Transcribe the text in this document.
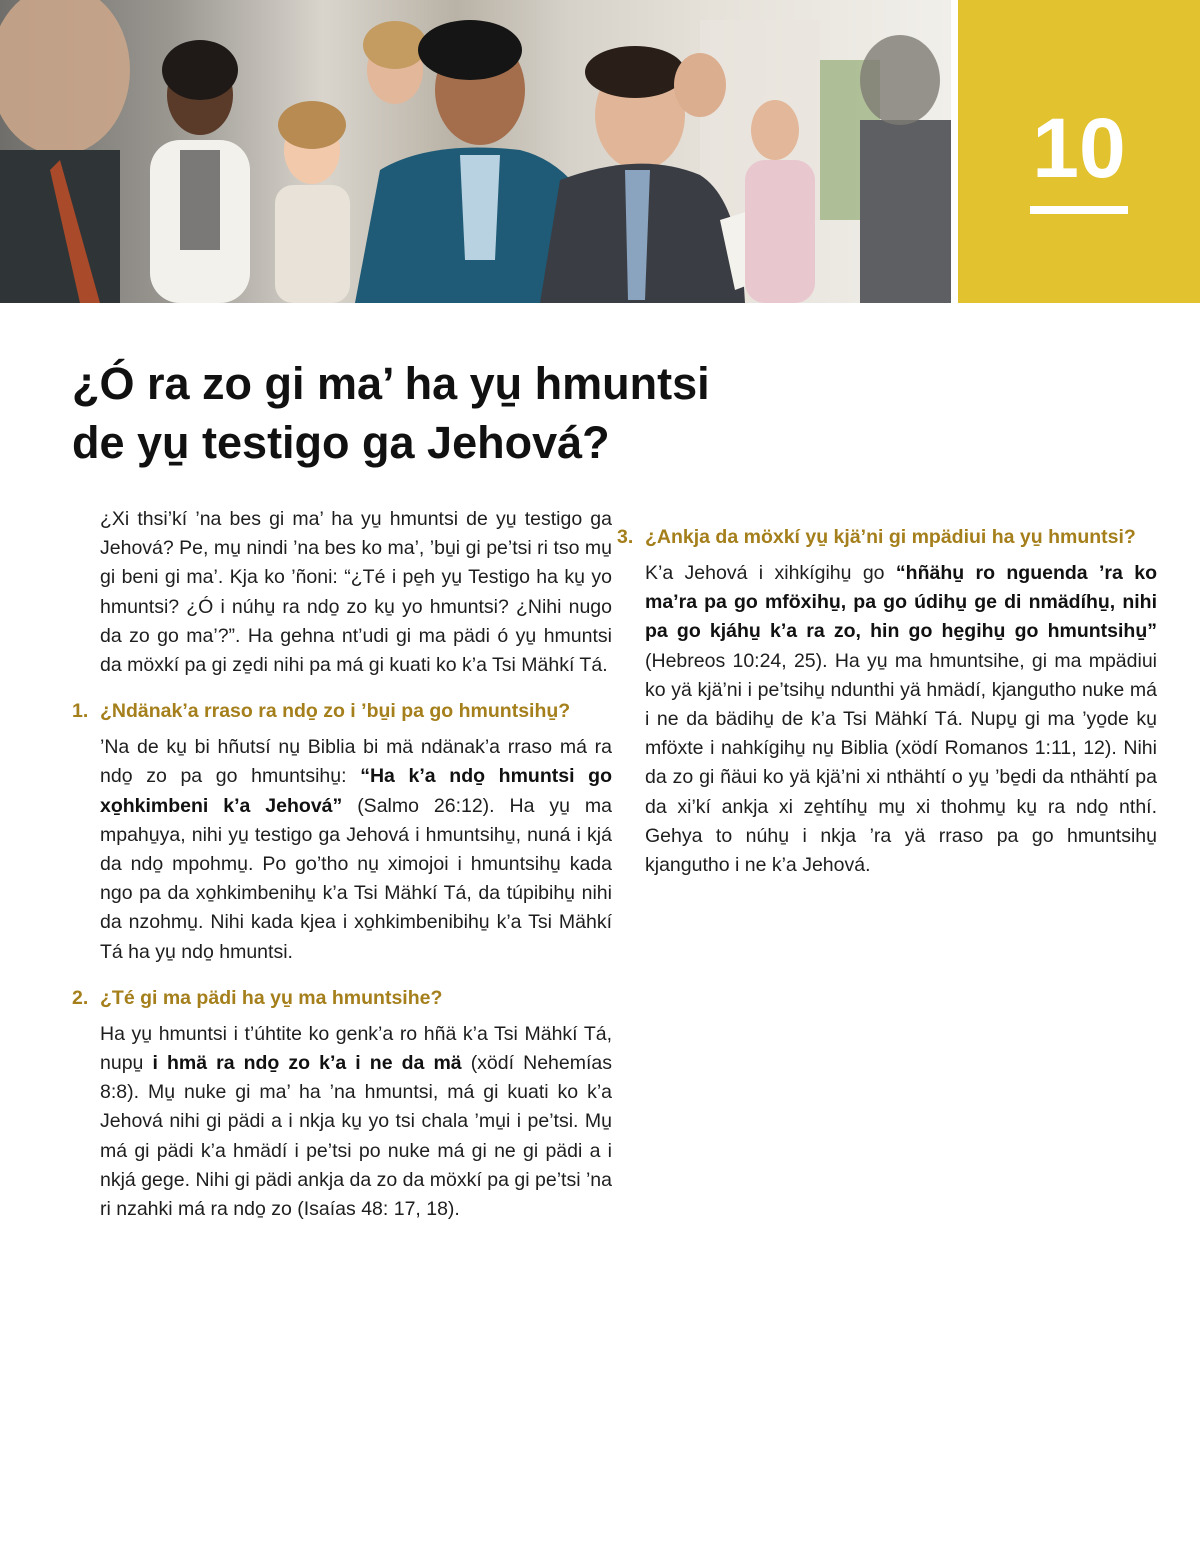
10
¿Ó ra zo gi ma’ ha yu̱ hmuntsi
de yu̱ testigo ga Jehová?

¿Xi thsi’kí ’na bes gi ma’ ha yu̱ hmuntsi de yu̱ testigo ga Jehová? Pe, mu̱ nindi ’na bes ko ma’, ’bu̱i gi pe’tsi ri tso mu̱ gi beni gi ma’. Kja ko ’ñoni: “¿Té i pe̱h yu̱ Testigo ha ku̱ yo hmuntsi? ¿Ó i núhu̱ ra ndo̱ zo ku̱ yo hmuntsi? ¿Nihi nugo da zo go ma’?”. Ha gehna nt’udi gi ma pädi ó yu̱ hmuntsi da möxkí pa gi ze̱di nihi pa má gi kuati ko k’a Tsi Mähkí Tá.

1. ¿Ndänak’a rraso ra ndo̱ zo i ’bu̱i pa go hmuntsihu̱?

’Na de ku̱ bi hñutsí nu̱ Biblia bi mä ndänak’a rraso má ra ndo̱ zo pa go hmuntsihu̱: “Ha k’a ndo̱ hmuntsi go xo̱hkimbeni k’a Jehová” (Salmo 26:12). Ha yu̱ ma mpahu̱ya, nihi yu̱ testigo ga Jehová i hmuntsihu̱, nuná i kjá da ndo̱ mpohmu̱. Po go’tho nu̱ ximojoi i hmuntsihu̱ kada ngo pa da xo̱hkimbenihu̱ k’a Tsi Mähkí Tá, da túpibihu̱ nihi da nzohmu̱. Nihi kada kjea i xo̱hkimbenibihu̱ k’a Tsi Mähkí Tá ha yu̱ ndo̱ hmuntsi.

2. ¿Té gi ma pädi ha yu̱ ma hmuntsihe?

Ha yu̱ hmuntsi i t’úhtite ko genk’a ro hñä k’a Tsi Mähkí Tá, nupu̱ i hmä ra ndo̱ zo k’a i ne da mä (xödí Nehemías 8:8). Mu̱ nuke gi ma’ ha ’na hmuntsi, má gi kuati ko k’a Jehová nihi gi pädi a i nkja ku̱ yo tsi chala ’mu̱i i pe’tsi. Mu̱ má gi pädi k’a hmädí i pe’tsi po nuke má gi ne gi pädi a i nkjá gege. Nihi gi pädi ankja da zo da möxkí pa gi pe’tsi ’na ri nzahki má ra ndo̱ zo (Isaías 48: 17, 18).

3. ¿Ankja da möxkí yu̱ kjä’ni gi mpädiui ha yu̱ hmuntsi?

K’a Jehová i xihkígihu̱ go “hñähu̱ ro nguenda ’ra ko ma’ra pa go mföxihu̱, pa go údihu̱ ge di nmädíhu̱, nihi pa go kjáhu̱ k’a ra zo, hin go he̱gihu̱ go hmuntsihu̱” (Hebreos 10:24, 25). Ha yu̱ ma hmuntsihe, gi ma mpädiui ko yä kjä’ni i pe’tsihu̱ ndunthi yä hmädí, kjangutho nuke má i ne da bädihu̱ de k’a Tsi Mähkí Tá. Nupu̱ gi ma ’yo̱de ku̱ mföxte i nahkígihu̱ nu̱ Biblia (xödí Romanos 1:11, 12). Nihi da zo gi ñäui ko yä kjä’ni xi nthähtí o yu̱ ’be̱di da nthähtí pa da xi’kí ankja xi ze̱htíhu̱ mu̱ xi thohmu̱ ku̱ ra ndo̱ nthí. Gehya to núhu̱ i nkja ’ra yä rraso pa go hmuntsihu̱ kjangutho i ne k’a Jehová.
